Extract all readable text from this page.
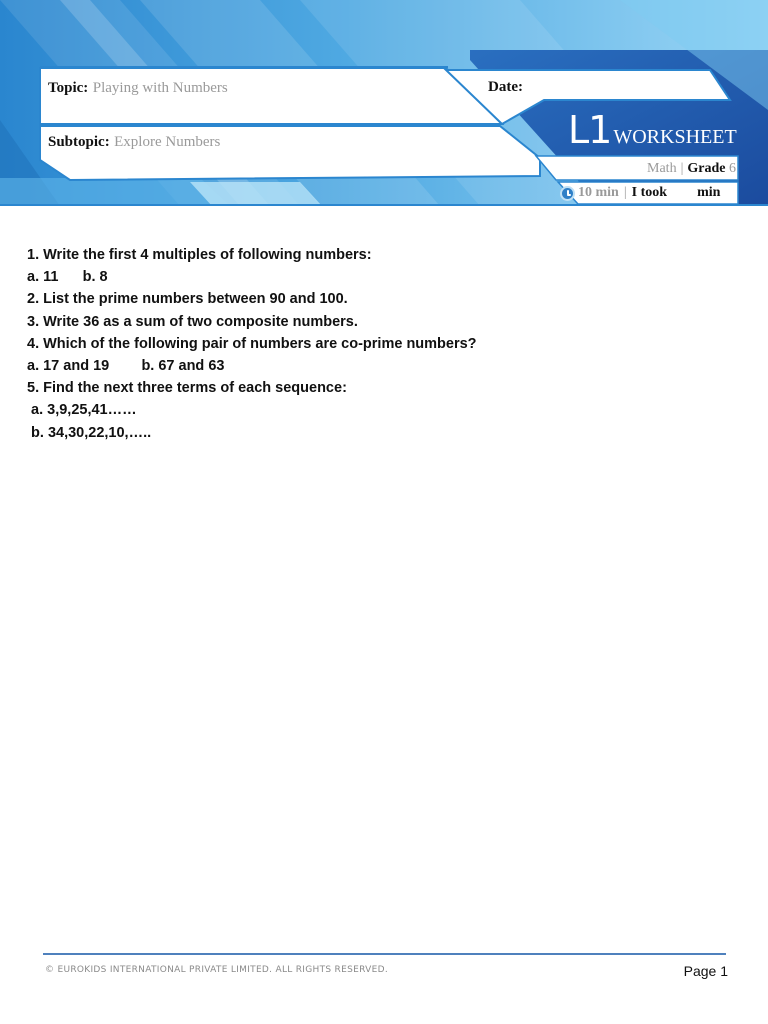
Topic: Playing with Numbers	Date:
Subtopic: Explore Numbers	L1 WORKSHEET
Math | Grade 6
10 min | I took min
1. Write the first 4 multiples of following numbers:
a. 11      b. 8
2. List the prime numbers between 90 and 100.
3. Write 36 as a sum of two composite numbers.
4. Which of the following pair of numbers are co-prime numbers?
a. 17 and 19        b. 67 and 63
5. Find the next three terms of each sequence:
a. 3,9,25,41……
b. 34,30,22,10,…..
© EUROKIDS INTERNATIONAL PRIVATE LIMITED. ALL RIGHTS RESERVED.	Page 1
